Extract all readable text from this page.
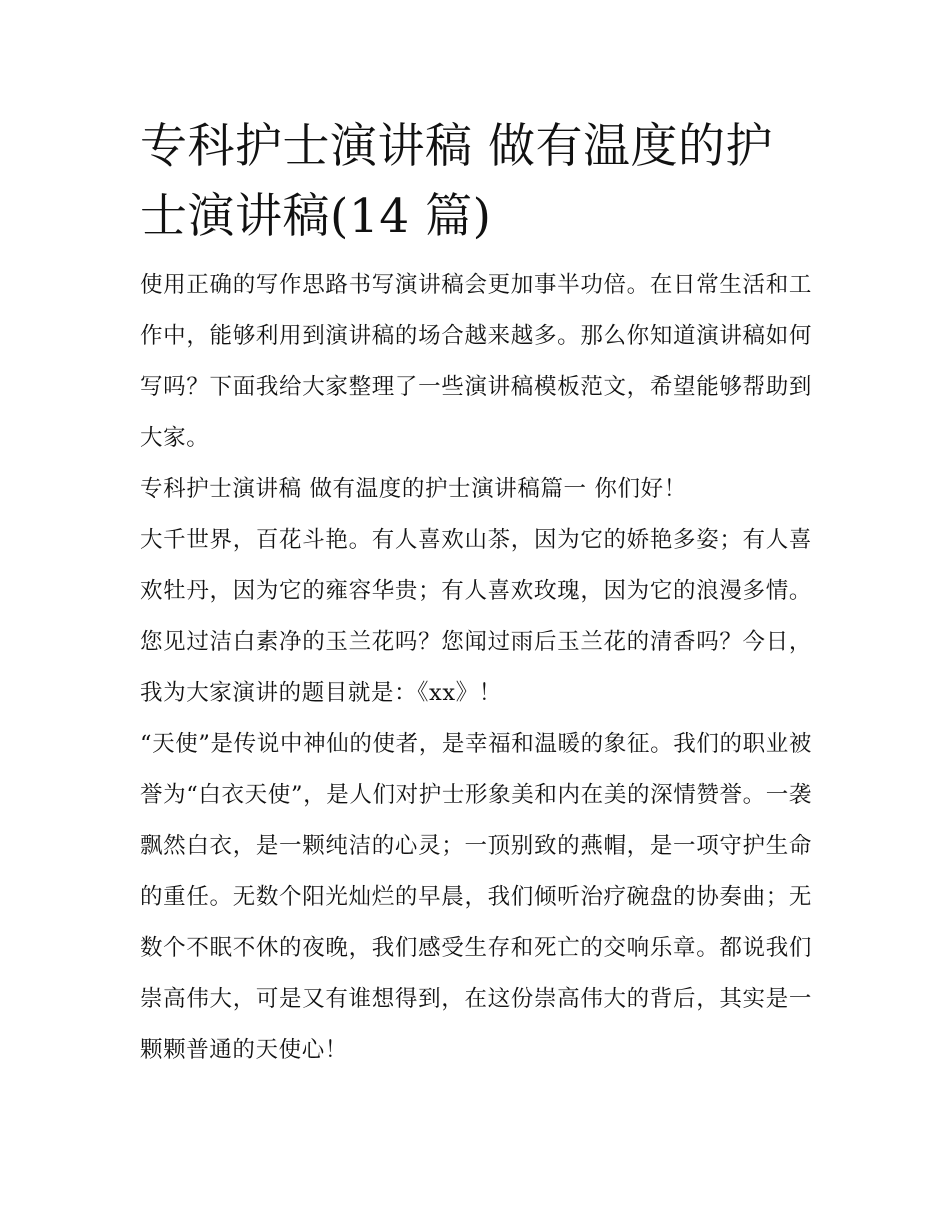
专科护士演讲稿 做有温度的护士演讲稿(14 篇)

使用正确的写作思路书写演讲稿会更加事半功倍。在日常生活和工作中，能够利用到演讲稿的场合越来越多。那么你知道演讲稿如何写吗？下面我给大家整理了一些演讲稿模板范文，希望能够帮助到大家。

专科护士演讲稿 做有温度的护士演讲稿篇一 你们好！

大千世界，百花斗艳。有人喜欢山茶，因为它的娇艳多姿；有人喜欢牡丹，因为它的雍容华贵；有人喜欢玫瑰，因为它的浪漫多情。您见过洁白素净的玉兰花吗？您闻过雨后玉兰花的清香吗？今日，我为大家演讲的题目就是：《xx》！

“天使”是传说中神仙的使者，是幸福和温暖的象征。我们的职业被誉为“白衣天使”，是人们对护士形象美和内在美的深情赞誉。一袭飘然白衣，是一颗纯洁的心灵；一顶别致的燕帽，是一项守护生命的重任。无数个阳光灿烂的早晨，我们倾听治疗碗盘的协奏曲；无数个不眠不休的夜晚，我们感受生存和死亡的交响乐章。都说我们崇高伟大，可是又有谁想得到，在这份崇高伟大的背后，其实是一颗颗普通的天使心！
